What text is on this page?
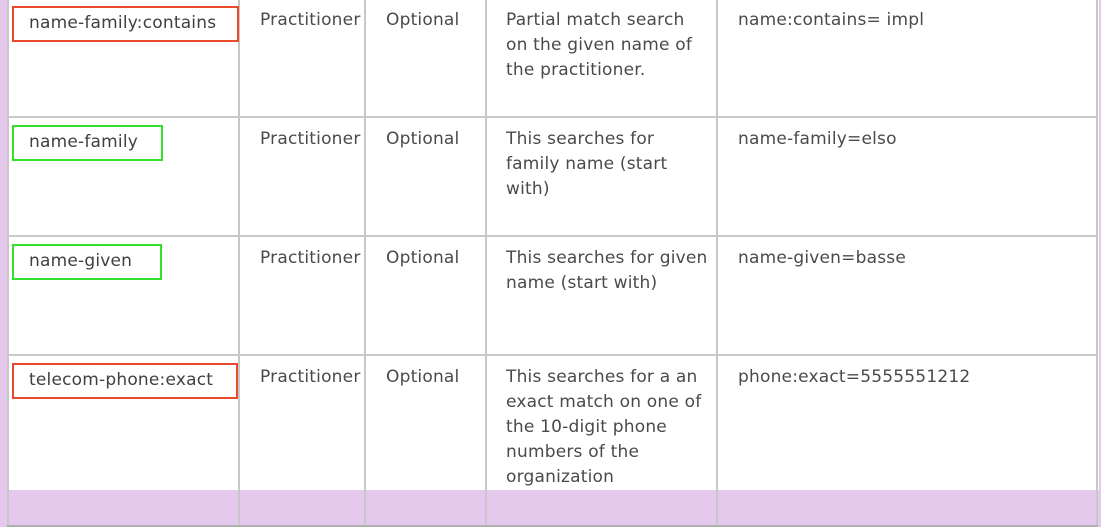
name-family:contains	Practitioner	Optional	Partial match search on the given name of the practitioner.	name:contains= impl

name-family	Practitioner	Optional	This searches for family name (start with)	name-family=elso

name-given	Practitioner	Optional	This searches for given name (start with)	name-given=basse

telecom-phone:exact	Practitioner	Optional	This searches for a an exact match on one of the 10-digit phone numbers of the organization	phone:exact=5555551212
